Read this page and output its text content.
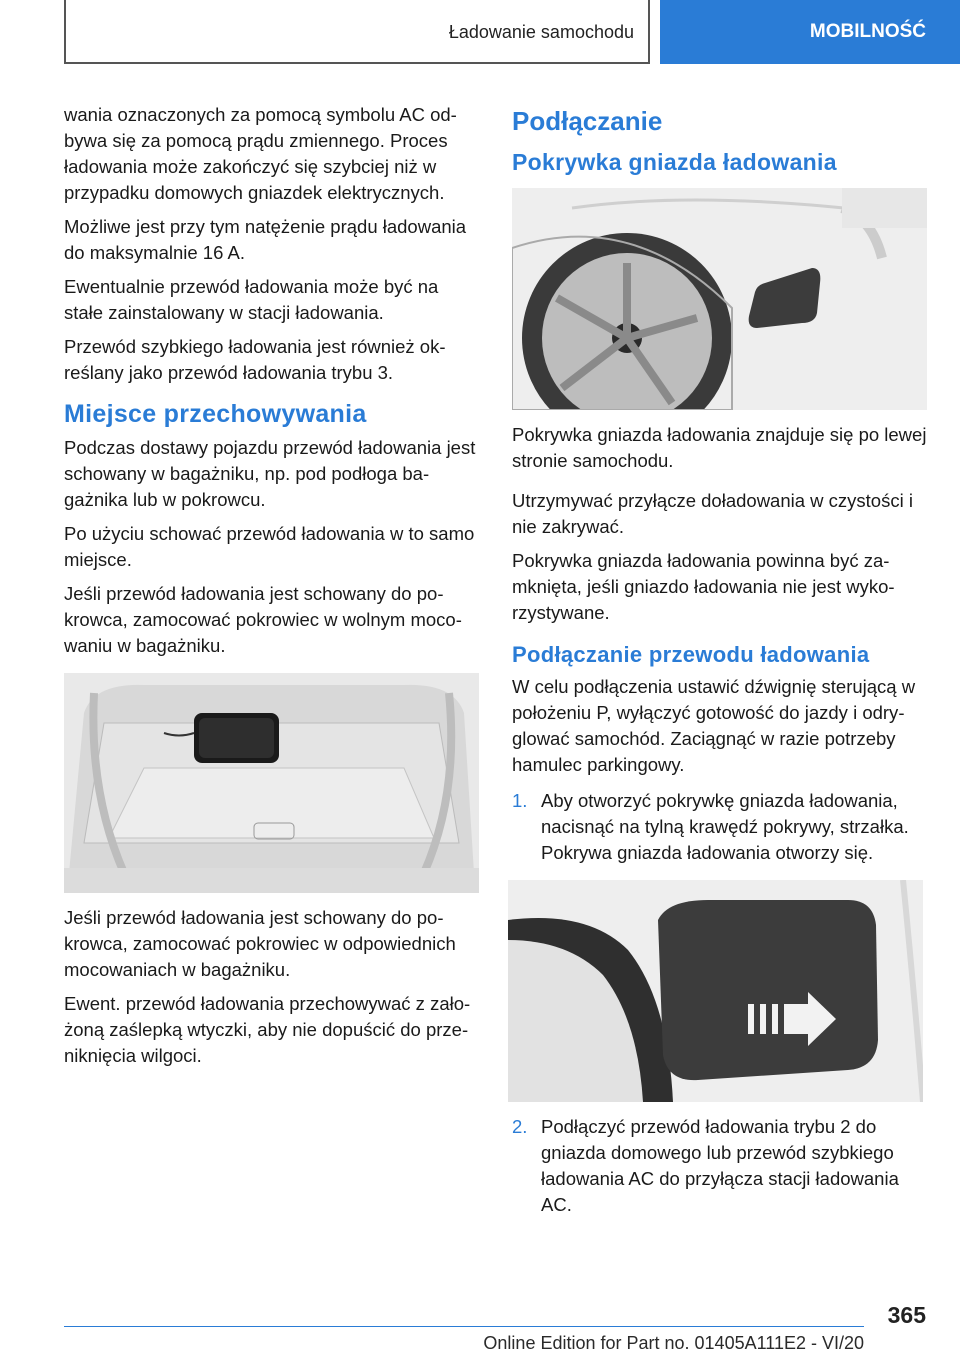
Ładowanie samochodu	MOBILNOŚĆ

wania oznaczonych za pomocą symbolu AC odbywa się za pomocą prądu zmiennego. Proces ładowania może zakończyć się szybciej niż w przypadku domowych gniazdek elektrycznych.

Możliwe jest przy tym natężenie prądu ładowania do maksymalnie 16 A.

Ewentualnie przewód ładowania może być na stałe zainstalowany w stacji ładowania.

Przewód szybkiego ładowania jest również określany jako przewód ładowania trybu 3.

Miejsce przechowywania

Podczas dostawy pojazdu przewód ładowania jest schowany w bagażniku, np. pod podłoga bagażnika lub w pokrowcu.

Po użyciu schować przewód ładowania w to samo miejsce.

Jeśli przewód ładowania jest schowany do pokrowca, zamocować pokrowiec w wolnym mocowaniu w bagażniku.

Jeśli przewód ładowania jest schowany do pokrowca, zamocować pokrowiec w odpowiednich mocowaniach w bagażniku.

Ewent. przewód ładowania przechowywać z założoną zaślepką wtyczki, aby nie dopuścić do przeniknięcia wilgoci.

Podłączanie
Pokrywka gniazda ładowania

Pokrywka gniazda ładowania znajduje się po lewej stronie samochodu.

Utrzymywać przyłącze doładowania w czystości i nie zakrywać.

Pokrywka gniazda ładowania powinna być zamknięta, jeśli gniazdo ładowania nie jest wykorzystywane.

Podłączanie przewodu ładowania

W celu podłączenia ustawić dźwignię sterującą w położeniu P, wyłączyć gotowość do jazdy i odryglować samochód. Zaciągnąć w razie potrzeby hamulec parkingowy.

1. Aby otworzyć pokrywkę gniazda ładowania, nacisnąć na tylną krawędź pokrywy, strzałka. Pokrywa gniazda ładowania otworzy się.
2. Podłączyć przewód ładowania trybu 2 do gniazda domowego lub przewód szybkiego ładowania AC do przyłącza stacji ładowania AC.
365
Online Edition for Part no. 01405A111E2 - VI/20
